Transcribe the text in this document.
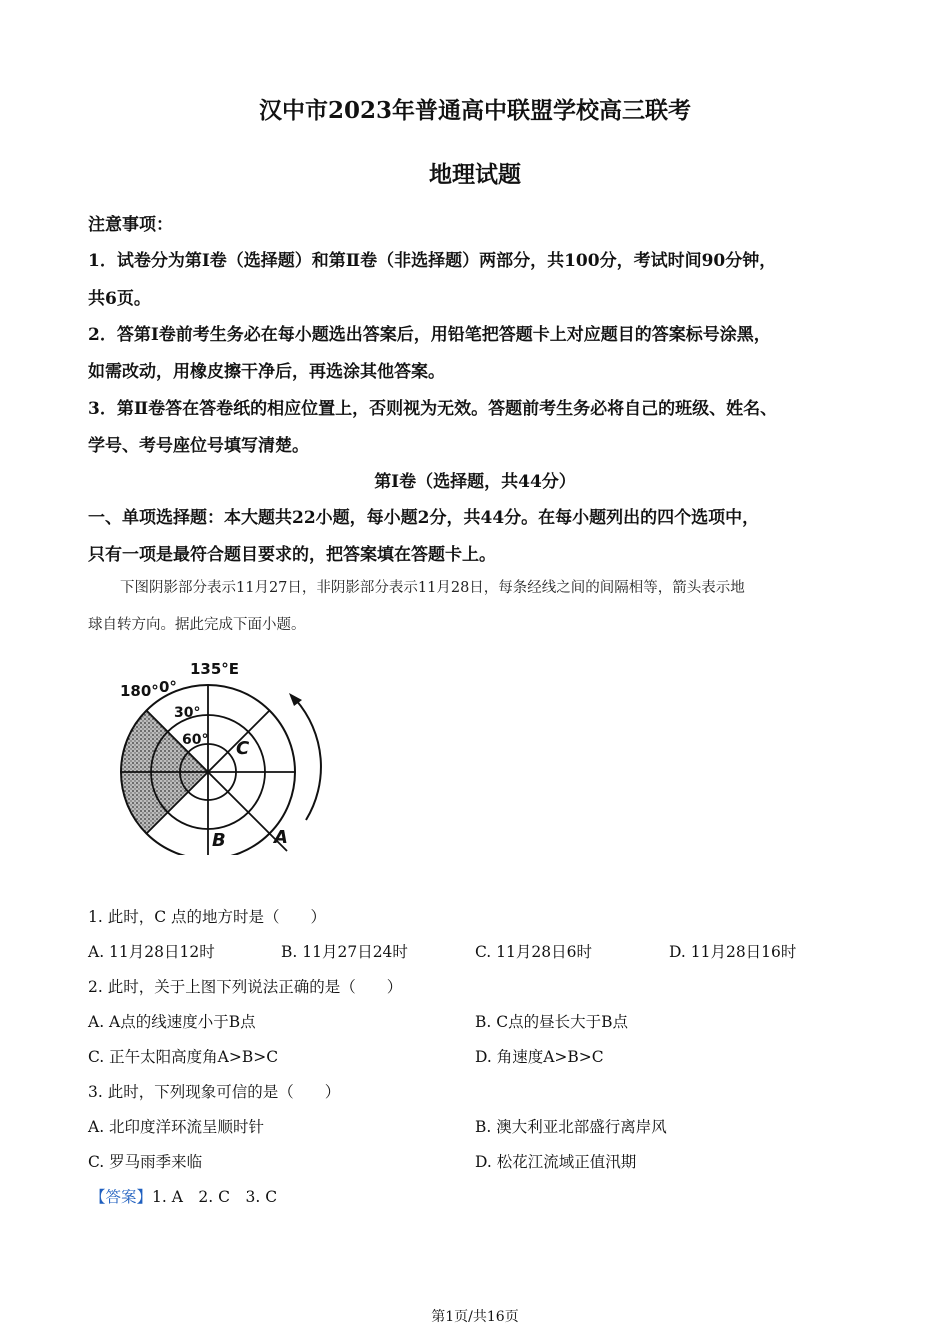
汉中市2023年普通高中联盟学校高三联考
地理试题
注意事项：
1．试卷分为第Ⅰ卷（选择题）和第Ⅱ卷（非选择题）两部分，共100分，考试时间90分钟，
共6页。
2．答第Ⅰ卷前考生务必在每小题选出答案后，用铅笔把答题卡上对应题目的答案标号涂黑，
如需改动，用橡皮擦干净后，再选涂其他答案。
3．第Ⅱ卷答在答卷纸的相应位置上，否则视为无效。答题前考生务必将自己的班级、姓名、
学号、考号座位号填写清楚。
第Ⅰ卷（选择题，共44分）
一、单项选择题：本大题共22小题，每小题2分，共44分。在每小题列出的四个选项中，
只有一项是最符合题目要求的，把答案填在答题卡上。
下图阴影部分表示11月27日，非阴影部分表示11月28日，每条经线之间的间隔相等，箭头表示地
球自转方向。据此完成下面小题。
135°E
180° 0°
30°
60° C
B	A
1. 此时，C 点的地方时是（　　）
A. 11月28日12时	B. 11月27日24时	C. 11月28日6时	D. 11月28日16时
2. 此时，关于上图下列说法正确的是（　　）
A. A点的线速度小于B点	B. C点的昼长大于B点
C. 正午太阳高度角A>B>C	D. 角速度A>B>C
3. 此时，下列现象可信的是（　　）
A. 北印度洋环流呈顺时针	B. 澳大利亚北部盛行离岸风
C. 罗马雨季来临	D. 松花江流域正值汛期
【答案】1. A　2. C　3. C
第1页/共16页
